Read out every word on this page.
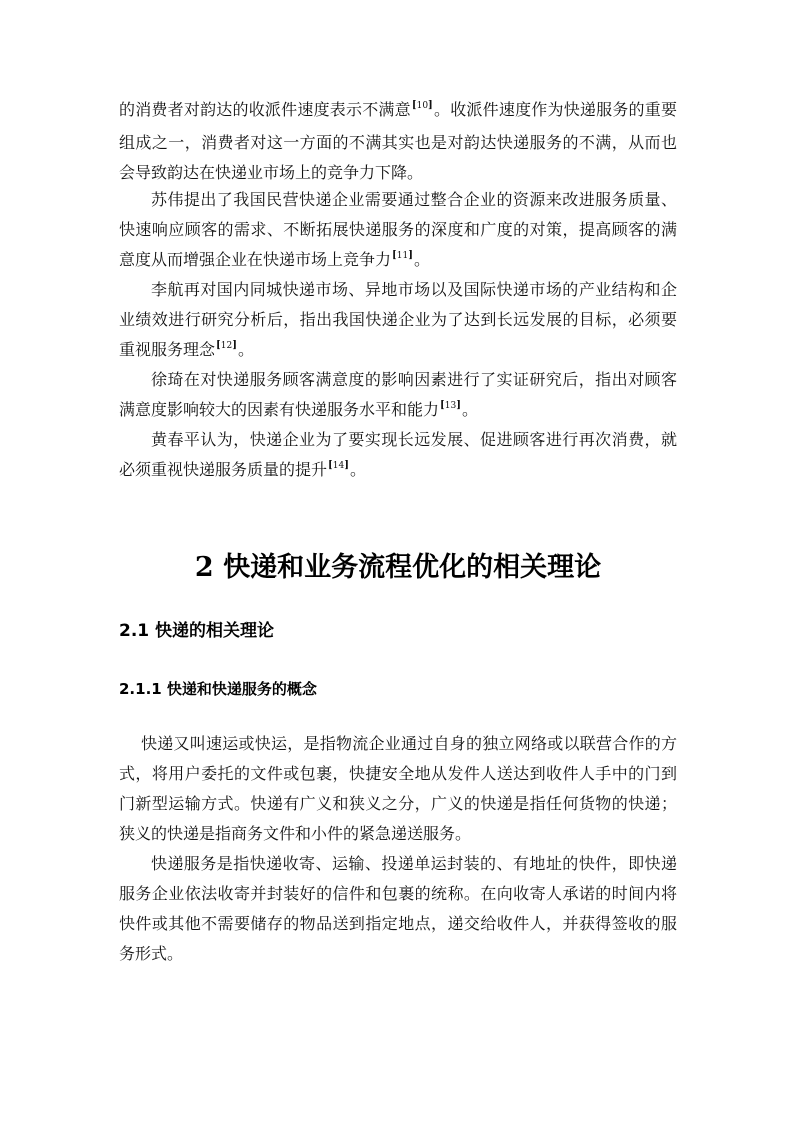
的消费者对韵达的收派件速度表示不满意[10]。收派件速度作为快递服务的重要组成之一，消费者对这一方面的不满其实也是对韵达快递服务的不满，从而也会导致韵达在快递业市场上的竞争力下降。

苏伟提出了我国民营快递企业需要通过整合企业的资源来改进服务质量、快速响应顾客的需求、不断拓展快递服务的深度和广度的对策，提高顾客的满意度从而增强企业在快递市场上竞争力[11]。

李航再对国内同城快递市场、异地市场以及国际快递市场的产业结构和企业绩效进行研究分析后，指出我国快递企业为了达到长远发展的目标，必须要重视服务理念[12]。

徐琦在对快递服务顾客满意度的影响因素进行了实证研究后，指出对顾客满意度影响较大的因素有快递服务水平和能力[13]。

黄春平认为，快递企业为了要实现长远发展、促进顾客进行再次消费，就必须重视快递服务质量的提升[14]。

2 快递和业务流程优化的相关理论
2.1 快递的相关理论
2.1.1 快递和快递服务的概念

快递又叫速运或快运，是指物流企业通过自身的独立网络或以联营合作的方式，将用户委托的文件或包裹，快捷安全地从发件人送达到收件人手中的门到门新型运输方式。快递有广义和狭义之分，广义的快递是指任何货物的快递；狭义的快递是指商务文件和小件的紧急递送服务。

快递服务是指快递收寄、运输、投递单运封装的、有地址的快件，即快递服务企业依法收寄并封装好的信件和包裹的统称。在向收寄人承诺的时间内将快件或其他不需要储存的物品送到指定地点，递交给收件人，并获得签收的服务形式。
